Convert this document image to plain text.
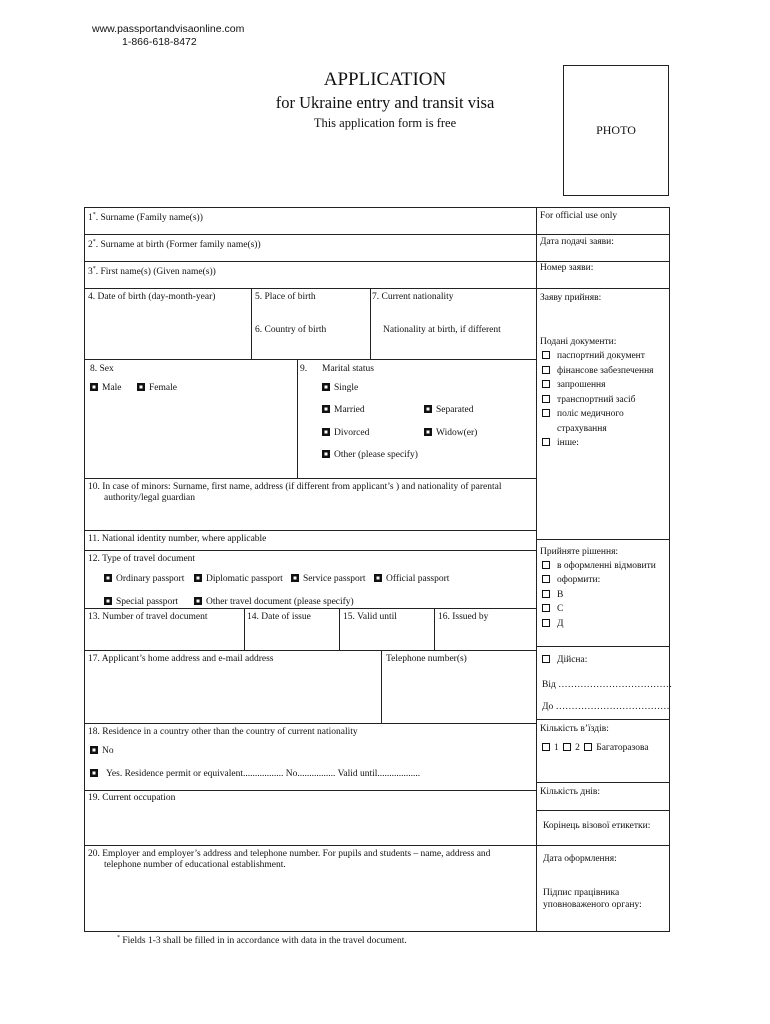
www.passportandvisaonline.com
1-866-618-8472
APPLICATION
for Ukraine entry and transit visa
This application form is free	PHOTO
1*. Surname (Family name(s))
2*. Surname at birth (Former family name(s))
3*. First name(s) (Given name(s))
4. Date of birth (day-month-year)	5. Place of birth
6. Country of birth
7. Current nationality
Nationality at birth, if different
8. Sex
Male	Female
9. Marital status
Single
Married	Separated
Divorced	Widow(er)
Other (please specify)
10. In case of minors: Surname, first name, address (if different from applicant’s ) and nationality of parental
authority/legal guardian
11. National identity number, where applicable
12. Type of travel document
Ordinary passport	Diplomatic passport	Service passport	Official passport
Special passport	Other travel document (please specify)
13. Number of travel document	14. Date of issue	15. Valid until	16. Issued by
17. Applicant’s home address and e-mail address	Telephone number(s)
18. Residence in a country other than the country of current nationality
No
Yes. Residence permit or equivalent................. No................ Valid until..................
19. Current occupation
20. Employer and employer’s address and telephone number. For pupils and students – name, address and
telephone number of educational establishment.
For official use only
Дата подачі заяви:
Номер заяви:
Заяву прийняв:
Подані документи:
паспортний документ
фінансове забезпечення
запрошення
транспортний засіб
поліс медичного
страхування
інше:
Прийняте рішення:
в оформленні відмовити
оформити:
B
C
Д
Дійсна:
Від ………………………………
До ………………………………
Кількість в’їздів:
1 2 Багаторазова
Кількість днів:
Корінець візової етикетки:
Дата оформлення:
Підпис працівника
уповноваженого органу:
* Fields 1-3 shall be filled in in accordance with data in the travel document.
